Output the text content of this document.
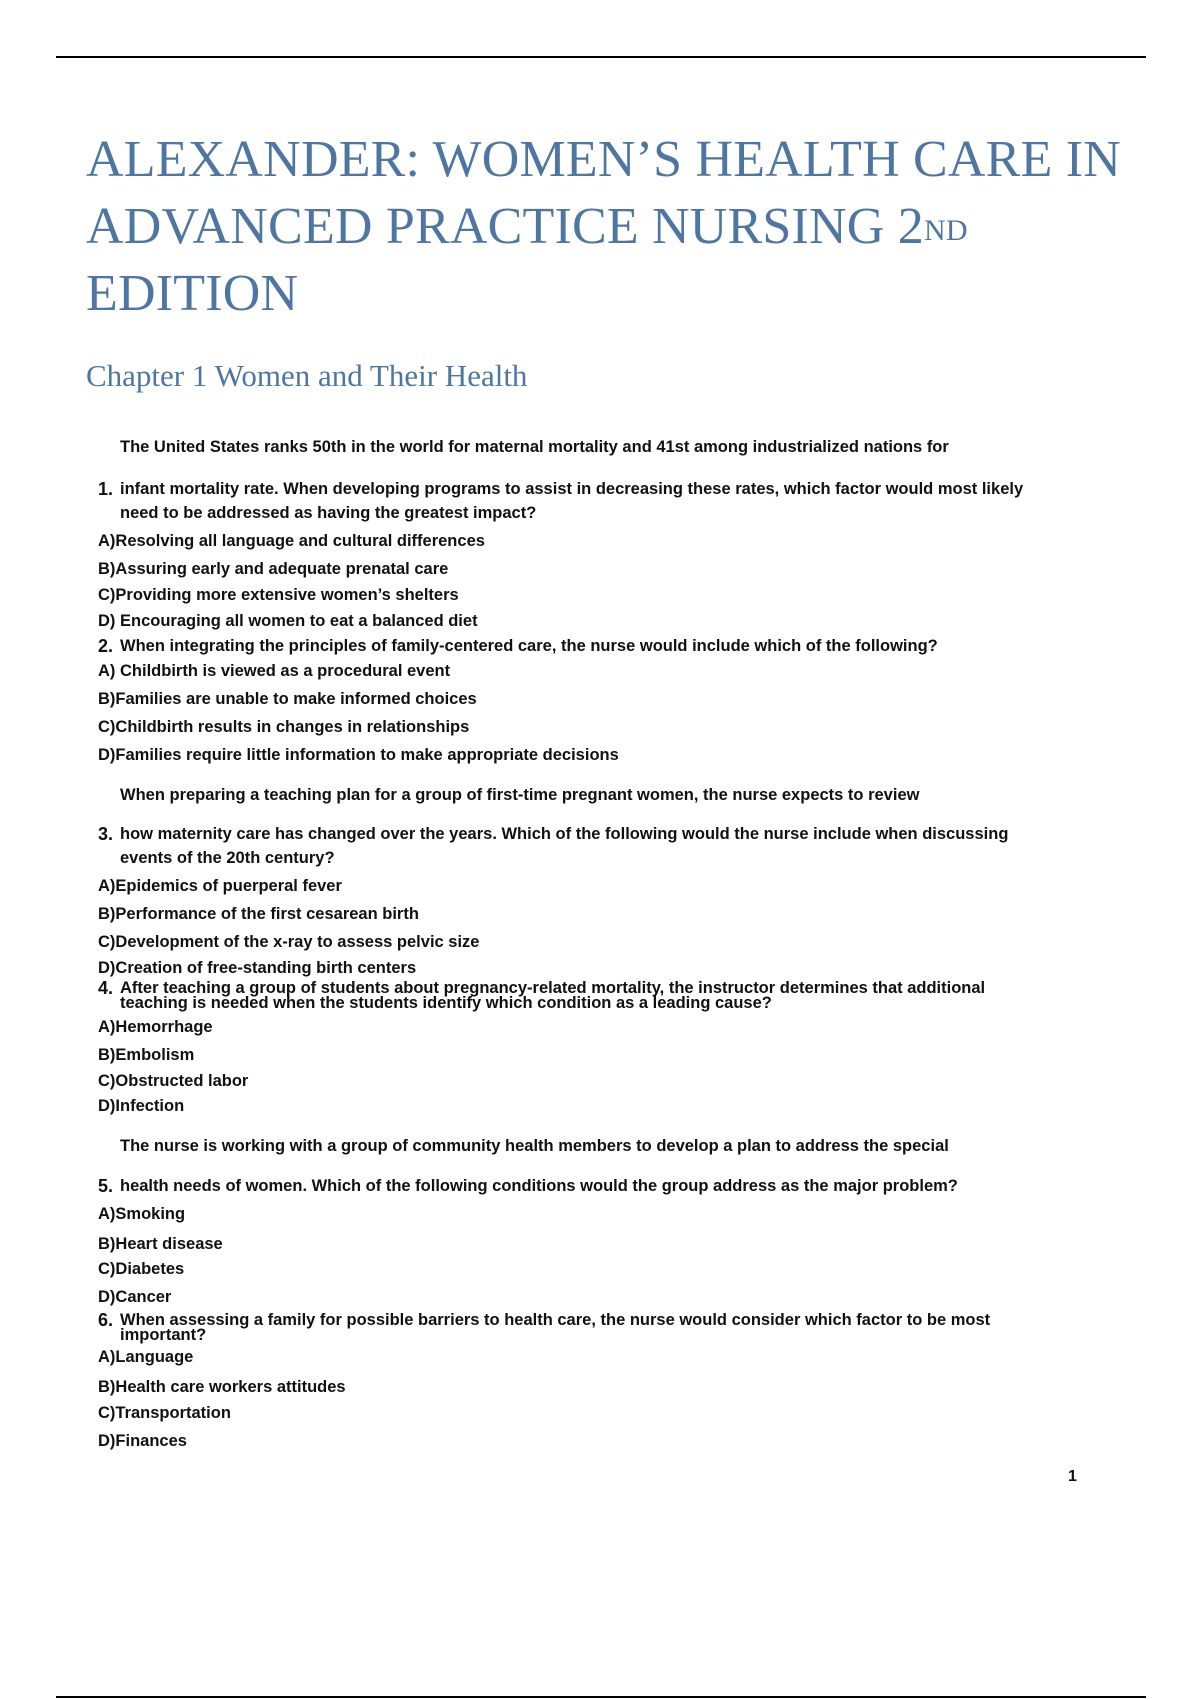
ALEXANDER: WOMEN’S HEALTH CARE IN ADVANCED PRACTICE NURSING 2ND
EDITION
Chapter 1 Women and Their Health
The United States ranks 50th in the world for maternal mortality and 41st among industrialized nations for
1. infant mortality rate. When developing programs to assist in decreasing these rates, which factor would most likely
need to be addressed as having the greatest impact?
A)Resolving all language and cultural differences
B)Assuring early and adequate prenatal care
C)Providing more extensive women’s shelters
D) Encouraging all women to eat a balanced diet
2. When integrating the principles of family-centered care, the nurse would include which of the following?
A) Childbirth is viewed as a procedural event
B)Families are unable to make informed choices
C)Childbirth results in changes in relationships
D)Families require little information to make appropriate decisions
When preparing a teaching plan for a group of first-time pregnant women, the nurse expects to review
3. how maternity care has changed over the years. Which of the following would the nurse include when discussing
events of the 20th century?
A)Epidemics of puerperal fever
B)Performance of the first cesarean birth
C)Development of the x-ray to assess pelvic size
D)Creation of free-standing birth centers
4. After teaching a group of students about pregnancy-related mortality, the instructor determines that additional
teaching is needed when the students identify which condition as a leading cause?
A)Hemorrhage
B)Embolism
C)Obstructed labor
D)Infection
The nurse is working with a group of community health members to develop a plan to address the special
5. health needs of women. Which of the following conditions would the group address as the major problem?
A)Smoking
B)Heart disease
C)Diabetes
D)Cancer
6. When assessing a family for possible barriers to health care, the nurse would consider which factor to be most
important?
A)Language
B)Health care workers attitudes
C)Transportation
D)Finances
1
